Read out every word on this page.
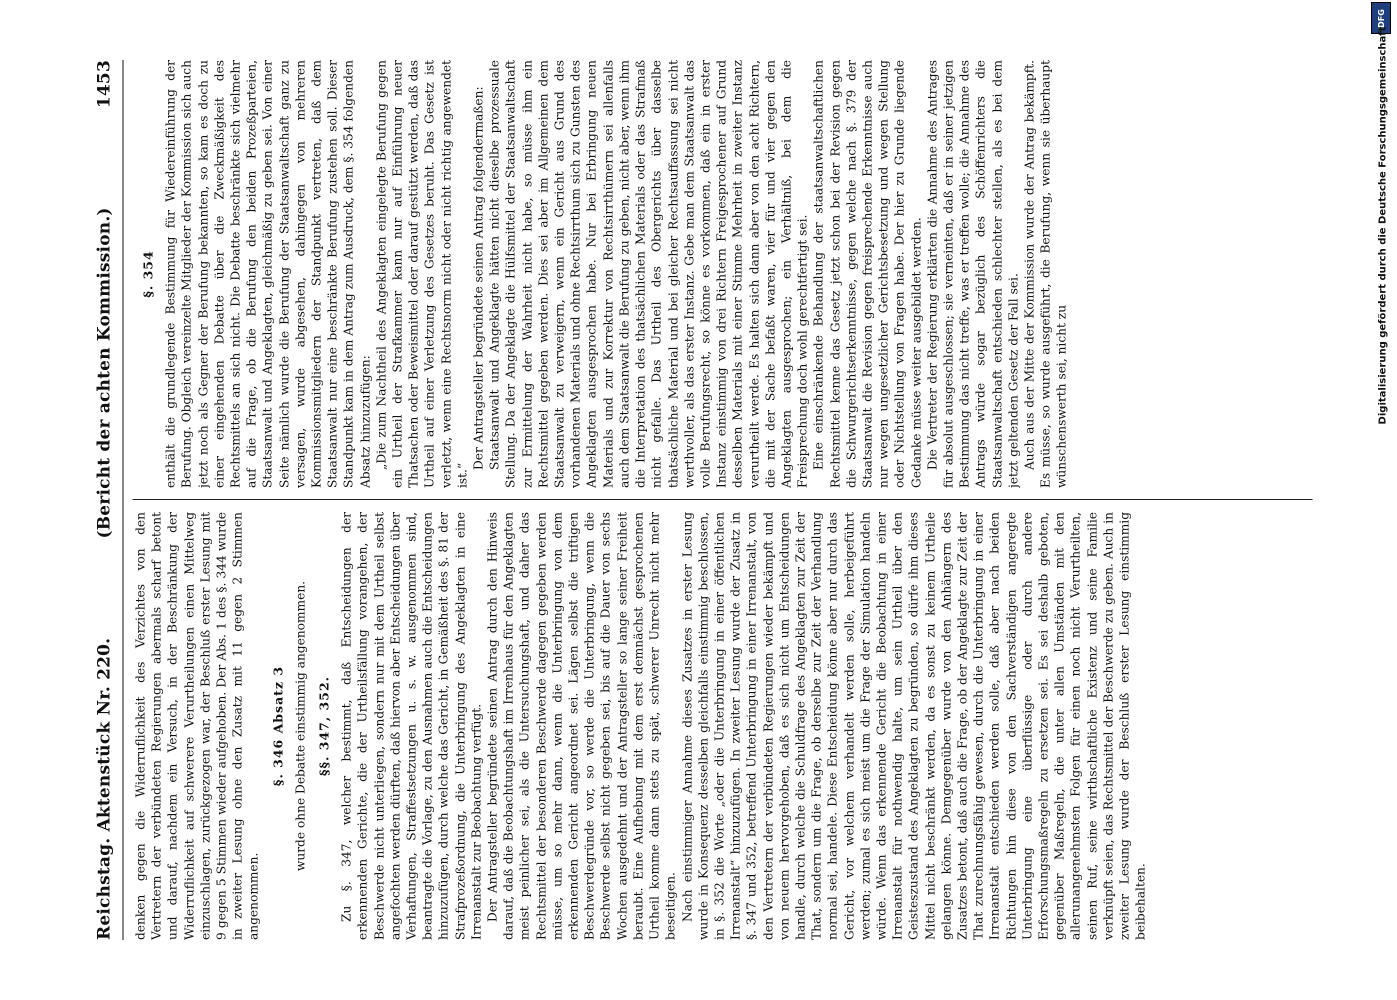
Reichstag. Aktenstück Nr. 220.
(Bericht der achten Kommission.)
1453

denken gegen die Widerruflichkeit des Verzichtes von den Vertretern der verbündeten Regierungen abermals scharf betont und darauf, nachdem ein Versuch, in der Beschränkung der Widerruflichkeit auf schwerere Verurtheilungen einen Mittelweg einzuschlagen, zurückgezogen war, der Beschluß erster Lesung mit 9 gegen 5 Stimmen wieder aufgehoben. Der Abs. 1 des §. 344 wurde in zweiter Lesung ohne den Zusatz mit 11 gegen 2 Stimmen angenommen.

§. 346 Absatz 3 wurde ohne Debatte einstimmig angenommen. §§. 347, 352. Zu §. 347, welcher bestimmt, daß Entscheidungen der erkennenden Gerichte, die der Urtheilsfällung vorangehen, der Beschwerde nicht unterliegen, sondern nur mit dem Urtheil selbst angefochten werden dürften, daß hiervon aber Entscheidungen über Verhaftungen, Straffestsetzungen u. s. w. ausgenommen sind, beantragte die Vorlage, zu den Ausnahmen auch die Entscheidungen hinzuzufügen, durch welche das Gericht, in Gemäßheit des §. 81 der Strafprozeßordnung, die Unterbringung des Angeklagten in eine Irrenanstalt zur Beobachtung verfügt. Der Antragsteller begründete seinen Antrag durch den Hinweis darauf, daß die Beobachtungshaft im Irrenhaus für den Angeklagten meist peinlicher sei, als die Untersuchungshaft, und daher das Rechtsmittel der besonderen Beschwerde dagegen gegeben werden müsse, um so mehr dann, wenn die Unterbringung von dem erkennenden Gericht angeordnet sei. Lägen selbst die triftigen Beschwerdegründe vor, so werde die Unterbringung, wenn die Beschwerde selbst nicht gegeben sei, bis auf die Dauer von sechs Wochen ausgedehnt und der Antragsteller so lange seiner Freiheit beraubt. Eine Aufhebung mit dem erst demnächst gesprochenen Urtheil komme dann stets zu spät, schwerer Unrecht nicht mehr beseitigen. Nach einstimmiger Annahme dieses Zusatzes in erster Lesung wurde in Konsequenz desselben gleichfalls einstimmig beschlossen, in §. 352 die Worte „oder die Unterbringung in einer öffentlichen Irrenanstalt“ hinzuzufügen. In zweiter Lesung wurde der Zusatz in §. 347 und 352, betreffend Unterbringung in einer Irrenanstalt, von den Vertretern der verbündeten Regierungen wieder bekämpft und von neuem hervorgehoben, daß es sich nicht um Entscheidungen handle, durch welche die Schuldfrage des Angeklagten zur Zeit der That, sondern um die Frage, ob derselbe zur Zeit der Verhandlung normal sei, handele. Diese Entscheidung könne aber nur durch das Gericht, vor welchem verhandelt werden solle, herbeigeführt werden; zumal es sich meist um die Frage der Simulation handeln würde. Wenn das erkennende Gericht die Beobachtung in einer Irrenanstalt für nothwendig halte, um sein Urtheil über den Geisteszustand des Angeklagten zu begründen, so dürfe ihm dieses Mittel nicht beschränkt werden, da es sonst zu keinem Urtheile gelangen könne. Demgegenüber wurde von den Anhängern des Zusatzes betont, daß auch die Frage, ob der Angeklagte zur Zeit der That zurechnungsfähig gewesen, durch die Unterbringung in einer Irrenanstalt entschieden werden solle, daß aber nach beiden Richtungen hin diese von den Sachverständigen angeregte Unterbringung eine überflüssige oder durch andere Erforschungsmaßregeln zu ersetzen sei. Es sei deshalb geboten, gegenüber Maßregeln, die unter allen Umständen mit den allerunangenehmsten Folgen für einen noch nicht Verurtheilten, seinen Ruf, seine wirthschaftliche Existenz und seine Familie verknüpft seien, das Rechtsmittel der Beschwerde zu geben. Auch in zweiter Lesung wurde der Beschluß erster Lesung einstimmig beibehalten.

§. 354 enthält die grundlegende Bestimmung für Wiedereinführung der Berufung. Obgleich vereinzelte Mitglieder der Kommission sich auch jetzt noch als Gegner der Berufung bekannten, so kam es doch zu einer eingehenden Debatte über die Zweckmäßigkeit des Rechtsmittels an sich nicht. Die Debatte beschränkte sich vielmehr auf die Frage, ob die Berufung den beiden Prozeßparteien, Staatsanwalt und Angeklagten, gleichmäßig zu geben sei. Von einer Seite nämlich wurde die Berufung der Staatsanwaltschaft ganz zu versagen, wurde abgesehen, dahingegen von mehreren Kommissionsmitgliedern der Standpunkt vertreten, daß dem Staatsanwalt nur eine beschränkte Berufung zustehen soll. Dieser Standpunkt kam in dem Antrag zum Ausdruck, dem §. 354 folgenden Absatz hinzuzufügen: „Die zum Nachtheil des Angeklagten eingelegte Berufung gegen ein Urtheil der Strafkammer kann nur auf Einführung neuer Thatsachen oder Beweismittel oder darauf gestützt werden, daß das Urtheil auf einer Verletzung des Gesetzes beruht. Das Gesetz ist verletzt, wenn eine Rechtsnorm nicht oder nicht richtig angewendet ist.“

Der Antragsteller begründete seinen Antrag folgendermaßen: Staatsanwalt und Angeklagte hätten nicht dieselbe prozessuale Stellung. Da der Angeklagte die Hülfsmittel der Staatsanwaltschaft zur Ermittelung der Wahrheit nicht habe, so müsse ihm ein Rechtsmittel gegeben werden. Dies sei aber im Allgemeinen dem Staatsanwalt zu verweigern, wenn ein Gericht aus Grund des vorhandenen Materials und ohne Rechtsirrthum sich zu Gunsten des Angeklagten ausgesprochen habe. Nur bei Erbringung neuen Materials und zur Korrektur von Rechtsirrthümern sei allenfalls auch dem Staatsanwalt die Berufung zu geben, nicht aber, wenn ihm die Interpretation des thatsächlichen Materials oder das Strafmaß nicht gefalle. Das Urtheil des Obergerichts über dasselbe thatsächliche Material und bei gleicher Rechtsauffassung sei nicht werthvoller, als das erster Instanz. Gebe man dem Staatsanwalt das volle Berufungsrecht, so könne es vorkommen, daß ein in erster Instanz einstimmig von drei Richtern Freigesprochener auf Grund desselben Materials mit einer Stimme Mehrheit in zweiter Instanz verurtheilt werde. Es halten sich dann aber von den acht Richtern, die mit der Sache befaßt waren, vier für und vier gegen den Angeklagten ausgesprochen; ein Verhältniß, bei dem die Freisprechung doch wohl gerechtfertigt sei. Eine einschränkende Behandlung der staatsanwaltschaftlichen Rechtsmittel kenne das Gesetz jetzt schon bei der Revision gegen die Schwurgerichtserkenntnisse, gegen welche nach §. 379 der Staatsanwalt die Revision gegen freisprechende Erkenntnisse auch nur wegen ungesetzlicher Gerichtsbesetzung und wegen Stellung oder Nichtstellung von Fragen habe. Der hier zu Grunde liegende Gedanke müsse weiter ausgebildet werden. Die Vertreter der Regierung erklärten die Annahme des Antrages für absolut ausgeschlossen; sie verneinten, daß er in seiner jetzigen Bestimmung das nicht treffe, was er treffen wolle; die Annahme des Antrags würde sogar bezüglich des Schöffenrichters die Staatsanwaltschaft entschieden schlechter stellen, als es bei dem jetzt geltenden Gesetz der Fall sei. Auch aus der Mitte der Kommission wurde der Antrag bekämpft. Es müsse, so wurde ausgeführt, die Berufung, wenn sie überhaupt wünschenswerth sei, nicht zu

DFG
Digitalisierung gefördert durch die Deutsche Forschungsgemeinschaft
